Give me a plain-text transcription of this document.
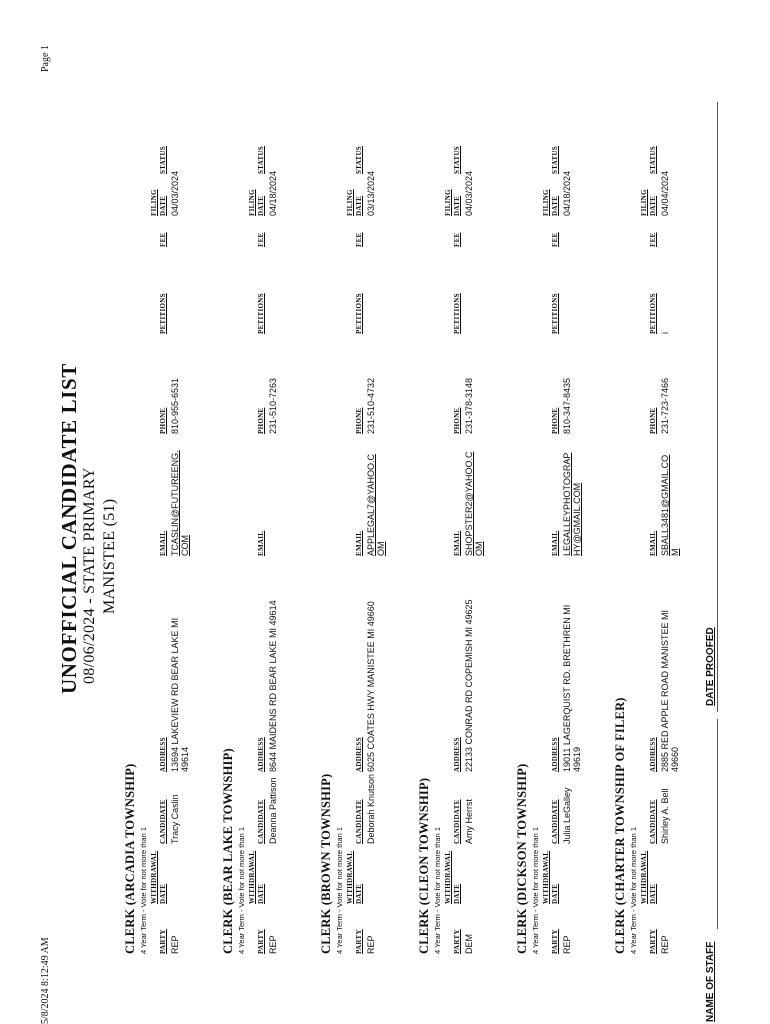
5/8/2024 8:12:49 AM
Page 1
UNOFFICIAL CANDIDATE LIST 08/06/2024 - STATE PRIMARY MANISTEE (51)
CLERK (ARCADIA TOWNSHIP) 4 Year Term - Vote for not more than 1 PARTY
WITHDRAWAL DATE
CANDIDATE
ADDRESS
EMAIL
PHONE
PETITIONS
FEE
FILING DATE
STATUS
REP
Tracy Caslin
13694 LAKEVIEW RD BEAR LAKE MI 49614
TCASLIN@FUTUREENG. COM
810-955-6531
04/03/2024
CLERK (BEAR LAKE TOWNSHIP) 4 Year Term - Vote for not more than 1 PARTY
WITHDRAWAL DATE
CANDIDATE
ADDRESS
EMAIL
PHONE
PETITIONS
FEE
FILING DATE
STATUS
REP
Deanna Pattison
8644 MAIDENS RD BEAR LAKE MI 49614
231-510-7263
04/18/2024
CLERK (BROWN TOWNSHIP) 4 Year Term - Vote for not more than 1 PARTY
WITHDRAWAL DATE
CANDIDATE
ADDRESS
EMAIL
PHONE
PETITIONS
FEE
FILING DATE
STATUS
REP
Deborah Knutson
6025 COATES HWY MANISTEE MI 49660
APPLEGAL7@YAHOO.C OM
231-510-4732
03/13/2024
CLERK (CLEON TOWNSHIP) 4 Year Term - Vote for not more than 1 PARTY
WITHDRAWAL DATE
CANDIDATE
ADDRESS
EMAIL
PHONE
PETITIONS
FEE
FILING DATE
STATUS
DEM
Amy Herrst
22133 CONRAD RD COPEMISH MI 49625
SHOPSTER2@YAHOO.C OM
231-378-3148
04/03/2024
CLERK (DICKSON TOWNSHIP) 4 Year Term - Vote for not more than 1 PARTY
WITHDRAWAL DATE
CANDIDATE
ADDRESS
EMAIL
PHONE
PETITIONS
FEE
FILING DATE
STATUS
REP
Julia LeGalley
19011 LAGERQUIST RD. BRETHREN MI 49619
LEGALLEYPHOTOGRAP HY@GMAIL.COM
810-347-8435
04/18/2024
CLERK (CHARTER TOWNSHIP OF FILER) 4 Year Term - Vote for not more than 1 PARTY
WITHDRAWAL DATE
CANDIDATE
ADDRESS
EMAIL
PHONE
PETITIONS
FEE
FILING DATE
STATUS
REP
Shirley A. Bell
2885 RED APPLE ROAD MANISTEE MI 49660
SBALL3481@GMAIL.CO M
231-723-7466
i
04/04/2024
NAME OF STAFF
DATE PROOFED
